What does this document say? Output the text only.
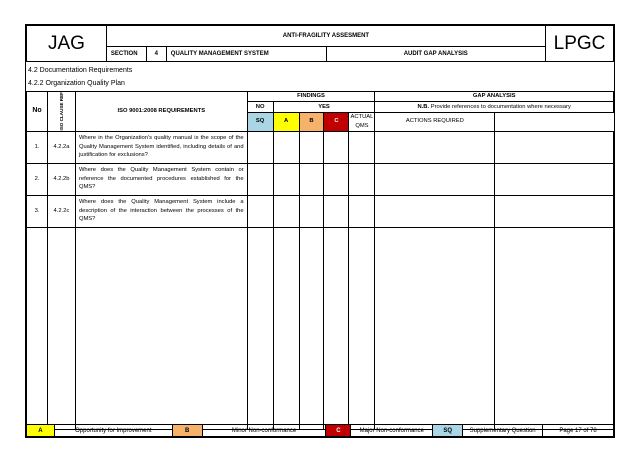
JAG	ANTI-FRAGILITY ASSESMENT				LPGC
	SECTION	4	QUALITY MANAGEMENT SYSTEM	AUDIT GAP ANALYSIS	
4.2 Documentation Requirements
4.2.2 Organization Quality Plan
No	ISO CLAUSE REF	ISO 9001:2008 REQUIREMENTS	FINDINGS					GAP ANALYSIS	
			NO	YES				N.B. Provide references to documentation where necessary	
			SQ	A	B	C	ACTUAL QMS	ACTIONS REQUIRED	
1.	4.2.2a	Where in the Organization's quality manual is the scope of the Quality Management System identified, including details of and justification for exclusions?							
2.	4.2.2b	Where does the Quality Management System contain or reference the documented procedures established for the QMS?							
3.	4.2.2c	Where does the Quality Management System include a description of the interaction between the processes of the QMS?							

A	Opportunity for Improvement	B	Minor Non-conformance	C	Major Non-conformance	SQ	Supplementary Question	Page 17 of 78
